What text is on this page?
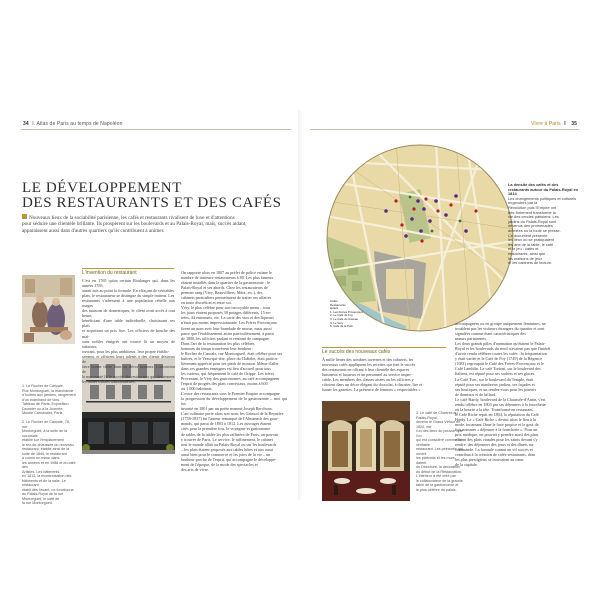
34 I. Atlas de Paris au temps de Napoléon
LE DÉVELOPPEMENT
DES RESTAURANTS ET DES CAFÉS

Nouveaux lieux de la sociabilité parisienne, les cafés et restaurants rivalisent de luxe et d'attentions
pour séduire une clientèle brillante. Ils prospèrent sur les boulevards et au Palais-Royal, mais, succès aidant,
apparaissent aussi dans d'autres quartiers qu'ils contribuent à animer.

1. Le Rocher de Cancale,
Rue Montorgueil, la marchande
d'huîtres aux jambes, rangement
d'un marchand de vins.
Tableau de Paris. Exposition
Daumier ou à la Journée.
Musée Carnavalet, Paris.

2. Le Rocher de Cancale, 78, rue
Montorgueil, à la suite de la sucursale
établie sur l'emplacement
le rez-de-chaussée du nouveau
restaurant, établie ainsi de la
suite de 1846, le restaurant
a connu un essor dans
les années et en 1988 et du café des
Artistes. Les bâtiments
en 1813, la modernisation des
bâtiments et de la salle. Le restaurant
établi dès l'avant, ne fonctionne
au Palais-Royal de la rue
Montorgueil, le café de
la rue Montorgueil.

L'invention du restaurant

C'est en 1765 qu'un certain Boulanger qui, dans les années 1765,
aurait mis au point la formule. En effaçant de véritables
plats, le restaurateur se distingue du simple traiteur. Les
restaurants s'adressent à une population rebelle aux usages
des maisons de domestiques, le client avait accès à tout heure,
bénéficiant d'une table individuelle, choisissant ses plats
et acquittant un prix fixe. Les officiers de bouche des mai-
sons nobles émigrés ont trouvé là un moyen de subsister,
ouvrant, pour les plus ambitieux, leur propre établis-
sement, et offrirent leurs talents à des clients désireux de
faire bonne chère dans un décor luxueux. L'attraction de
la nouveauté fit le succès des restaurants qui deviennent
les tables d'hôtes traditionnelles.

On rapporte alors en 1807 au préfet de police estime le
nombre de traiteurs-restaurateurs à 80. Les plus fameux
étaient installés dans le quartier de la gastronomie : le
Palais-Royal et ses abords. Chez les restaurateurs de
premier rang (Véry, Beauvilliers, Méot, etc.), des
cabinets particuliers permettaient de traiter ses affaires
en toute discrétion et entre soi.
Véry, le plus célèbre pour son incroyable menu – tous
les jours étaient proposés 30 potages différents, 15 en-
trées, 44 entremets, etc. La carte des vins et des liqueurs
n'était pas moins impressionnante. Les Frères Provençaux
firent un nom avec leur brandade de morue, mais aussi
parce que l'établissement attira particulièrement, à partir
de 1800, les officiers parlant et rentrant de campagne.
Dans l'art de la restauration les plus célèbres
hommes du temps trouvèrent leur bonheur :
le Rocher de Cancale, rue Montorgueil, était célèbre pour ses
huîtres, et le Veau-qui-tète, place du Châtelet, était particu-
lièrement apprécié pour ses pieds de mouton. Même d'aller
dans ces grandes enseignes est lieu d'accueil pour tous
les curieux, qui fréquentent le café de Grippe. Les frères
Provenant, le Véry des gastronomes, au café accompagnent
l'esprit de progrès des plats conviviaux, moins à 600
ou 1 000 habitants.
L'essor des restaurants sous le Premier Empire accompagne
la progression du développement de la gastronomie – mot qui fut
inventé en 1801 par un poète nommé Joseph Berchoux.
L'art culinaire porte alors son nom, les Grimod de la Reynière
(1758-1837) fut l'auteur remarqué de l'Almanach des gour-
mands, qui parut de 1803 à 1812. Les ouvrages étaient
cités pour la première fois, le voyageur et gastronome
de tables de la tablée les plus raffinées de Paris, on pouvait
y trouver de Paris. Le service, le raffinement, le cabinet
tout le monde allait au Palais-Royal ou sur les boulevards
– les plats étaient proposés aux tables hôtes et aux aussi
aussi bien pour le commerce et les joies de la vie – un
bonheur proche de l'esprit, qui accompagne le développe-
ment de l'époque, de la mode des spectacles et
des arts de vivre.

Vivre à Paris I 35
Cafés
Restaurants
Hôtels
1. Les Frères Provençaux
2. Le Café de Foy
3. Le Café du Caveau
4. Le Véry
5. Café de la Paix

La densité des cafés et des restaurants autour du Palais-Royal en 1814
Les changements politiques et culturels engendrés par la
Révolution puis l'Empire ont
très fortement transformé la
vie des cercles parisiens. Les
jardins du Palais-Royal sont
devenus des promenades
animées où la foule se presse.
Ce document présente
les lieux où se pratiquaient
les arts de la table, le café
et le jeu : cafés et
restaurants, ainsi que
les maisons de jeux
et les cabinets de lecture.

Le succès des nouveaux cafés

À mille lieues des sombres tavernes et des cabarets, les
nouveaux cafés appliquent les recettes qui font le succès
des restaurants en offrant à leur clientèle des espaces
lumineux et luxueux et un personnel au service impec-
cable. Les membres des classes aisées ou les officiers y
côtoient dans un décor élégant du chocolat, à discuter, lire et
fumer les gazettes. La présence de femmes « respectables »

3. Le café de Chartres au Palais-Royal,
devenu le Grand Véfour en 1820, est
l'un des lieux du pouvoir que l'on
qui est considéré comme un véritable
restaurant. Les peintures qui ornent
les plafonds et les murs datent
du Directoire, la décoration
du début de la Restauration.
L'intérieur a été créé par
le collaborateur de la grande
table de la gastronomie et
le plus célèbre du palais.

accompagnées ou en groupe uniquement féminines, ne
troublent pas les visiteurs étrangers du quartier et sont
signalées comme étant caractéristiques des
mœurs parisiennes.
Les deux grands pôles d'animation qu'étaient le Palais-
Royal et les boulevards du nord n'avaient pas que l'intérêt
d'avoir rendu célèbres toutes les cafés : la fréquentation
y était variée et le Café de Foy (1749) de la Régence
(1681) regroupait le Café des Fréres-Provençaux et le
Café Lamblin. Le café Tortoni, sur le boulevard des
Italiens, est réputé pour ses sorbets et ses glaces.
Le Café Turc, sur le boulevard du Temple, était
réputé pour ses nombreux jardins, ses façades et
ses boutiques, et un rendez-vous pour les joueurs
de dominos et de billard.
Le café Hardy, boulevard de la Chaussée-d'Antin, s'est
rendu célèbre en 1803 par ses déjeuners à la fourchette
où la bourse a la tête. Transformé en restaurant,
le Café Riche reprit en 1804, la réputation du Café
Hardy. Le « Café Riche » devint alors le lieu à la
mode, incarnant l'âme le luxe propice et le gout de
fois nommer « déjeuner à la fourchette ». Pour un
prix modique, on pouvait y prendre aussi des plats
offrant des plats viandes pour les saints devant s'y
rendre, des déjeuners des jours et des dîners sur
commande. La formule connut un vif succès et
contribua à la création de cafés-restaurants, dont
les plus prestigieux se trouvaient au cœur
de la capitale.
